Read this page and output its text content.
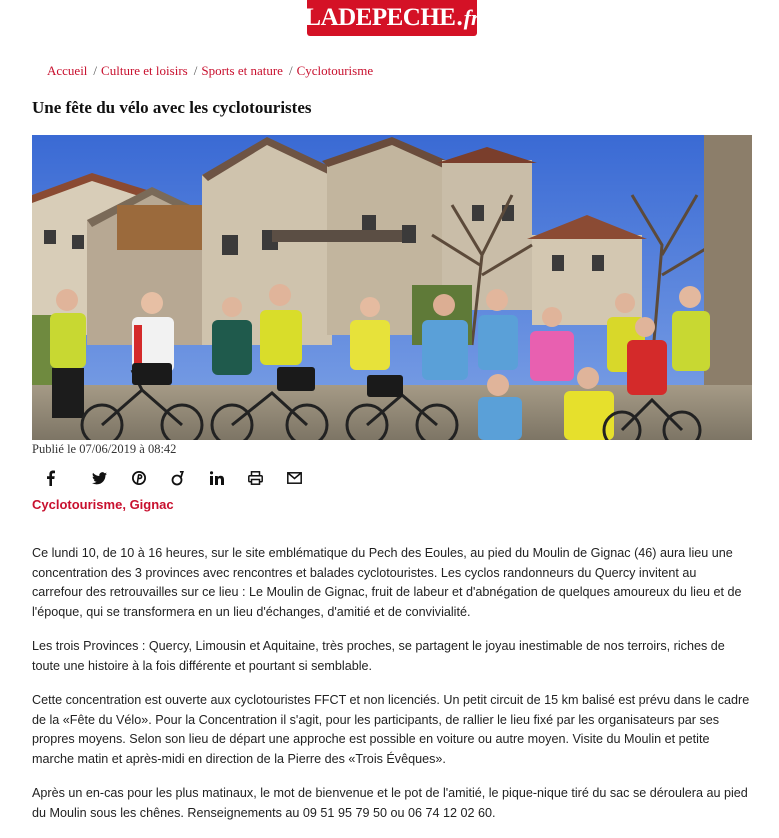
LADEPECHE . fr
Accueil / Culture et loisirs / Sports et nature / Cyclotourisme
Une fête du vélo avec les cyclotouristes
Publié le 07/06/2019 à 08:42
Cyclotourisme, Gignac

Ce lundi 10, de 10 à 16 heures, sur le site emblématique du Pech des Eoules, au pied du Moulin de Gignac (46) aura lieu une concentration des 3 provinces avec rencontres et balades cyclotouristes. Les cyclos randonneurs du Quercy invitent au carrefour des retrouvailles sur ce lieu : Le Moulin de Gignac, fruit de labeur et d'abnégation de quelques amoureux du lieu et de l'époque, qui se transformera en un lieu d'échanges, d'amitié et de convivialité.

Les trois Provinces : Quercy, Limousin et Aquitaine, très proches, se partagent le joyau inestimable de nos terroirs, riches de toute une histoire à la fois différente et pourtant si semblable.

Cette concentration est ouverte aux cyclotouristes FFCT et non licenciés. Un petit circuit de 15 km balisé est prévu dans le cadre de la «Fête du Vélo». Pour la Concentration il s'agit, pour les participants, de rallier le lieu fixé par les organisateurs par ses propres moyens. Selon son lieu de départ une approche est possible en voiture ou autre moyen. Visite du Moulin et petite marche matin et après-midi en direction de la Pierre des «Trois Évêques».

Après un en-cas pour les plus matinaux, le mot de bienvenue et le pot de l'amitié, le pique-nique tiré du sac se déroulera au pied du Moulin sous les chênes. Renseignements au 09 51 95 79 50 ou 06 74 12 02 60.
